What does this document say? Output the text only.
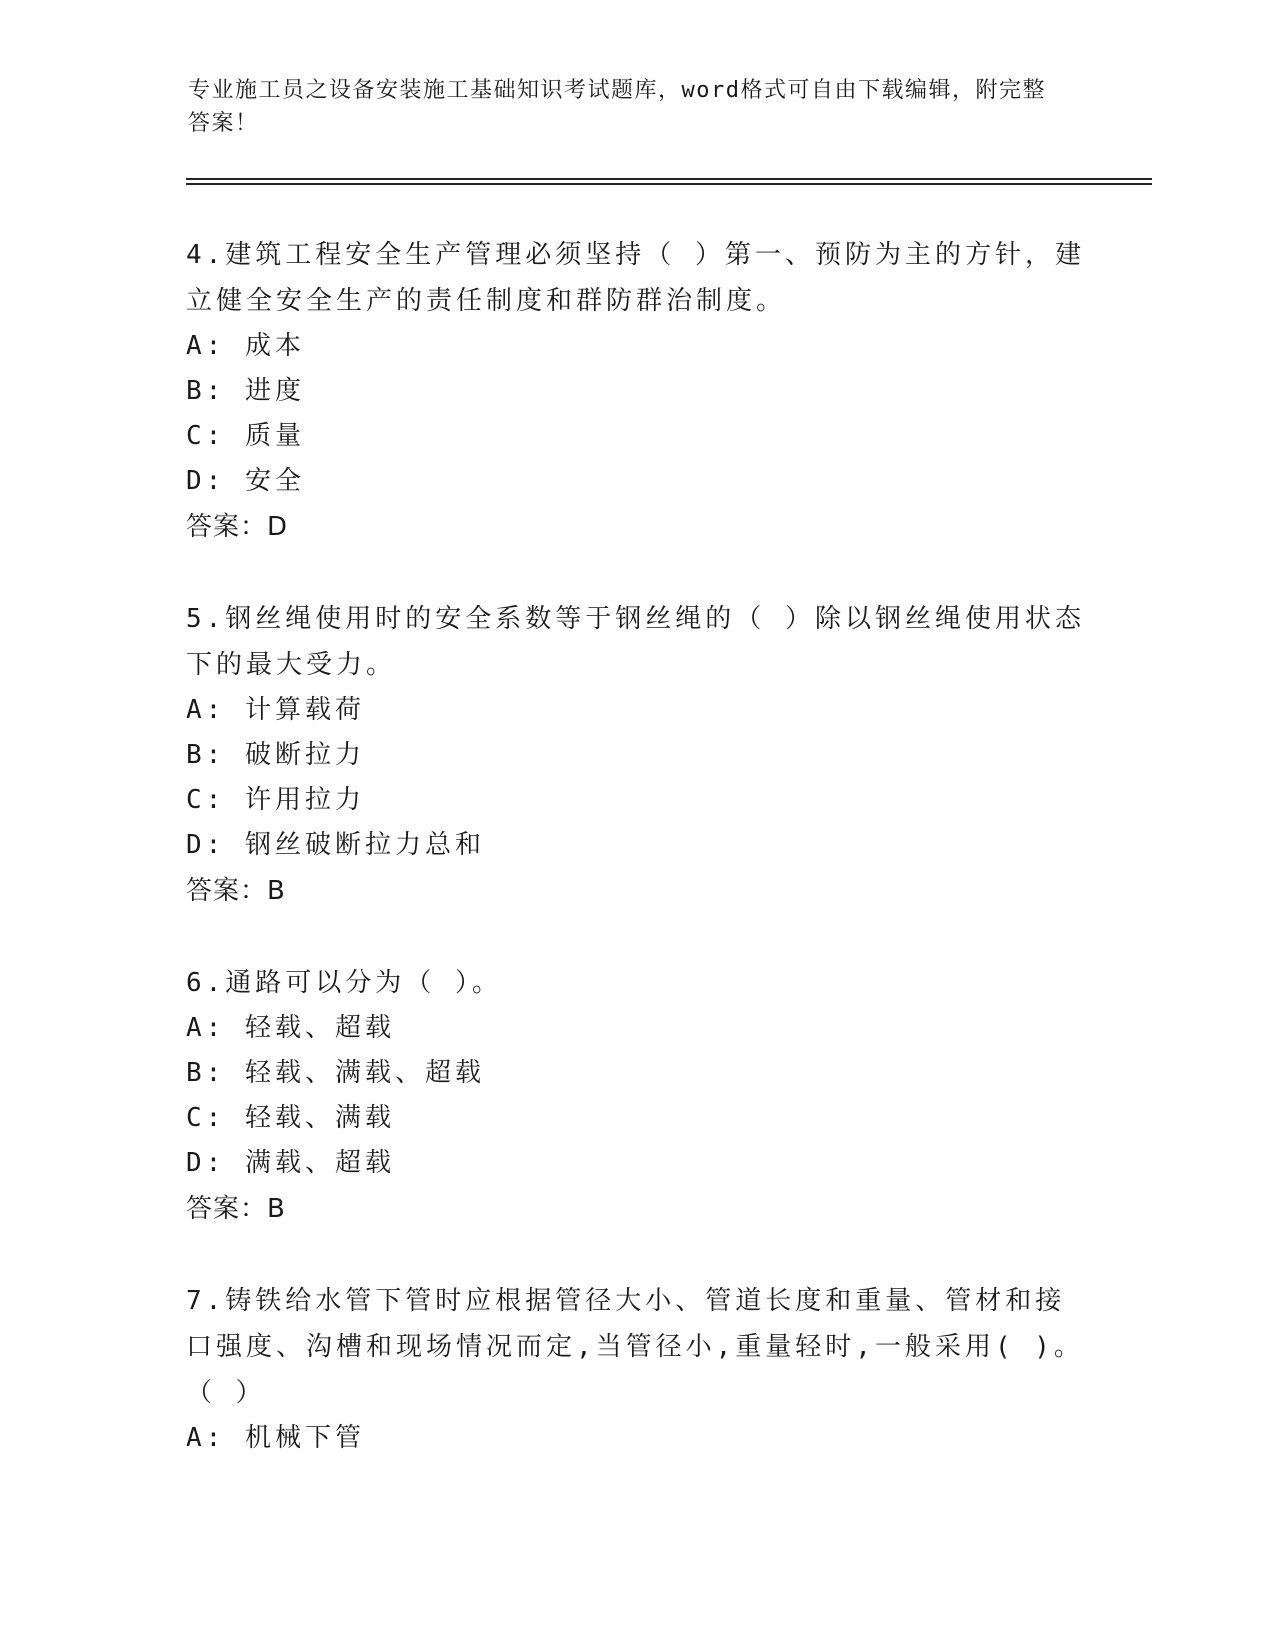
专业施工员之设备安装施工基础知识考试题库，word格式可自由下载编辑，附完整答案！

4.建筑工程安全生产管理必须坚持（ ）第一、预防为主的方针，建立健全安全生产的责任制度和群防群治制度。

A: 成本

B: 进度

C: 质量

D: 安全

答案：D

5.钢丝绳使用时的安全系数等于钢丝绳的（ ）除以钢丝绳使用状态下的最大受力。

A: 计算载荷

B: 破断拉力

C: 许用拉力

D: 钢丝破断拉力总和

答案：B

6.通路可以分为（ ）。

A: 轻载、超载

B: 轻载、满载、超载

C: 轻载、满载

D: 满载、超载

答案：B

7.铸铁给水管下管时应根据管径大小、管道长度和重量、管材和接口强度、沟槽和现场情况而定,当管径小,重量轻时,一般采用( )。（ ）

A: 机械下管
